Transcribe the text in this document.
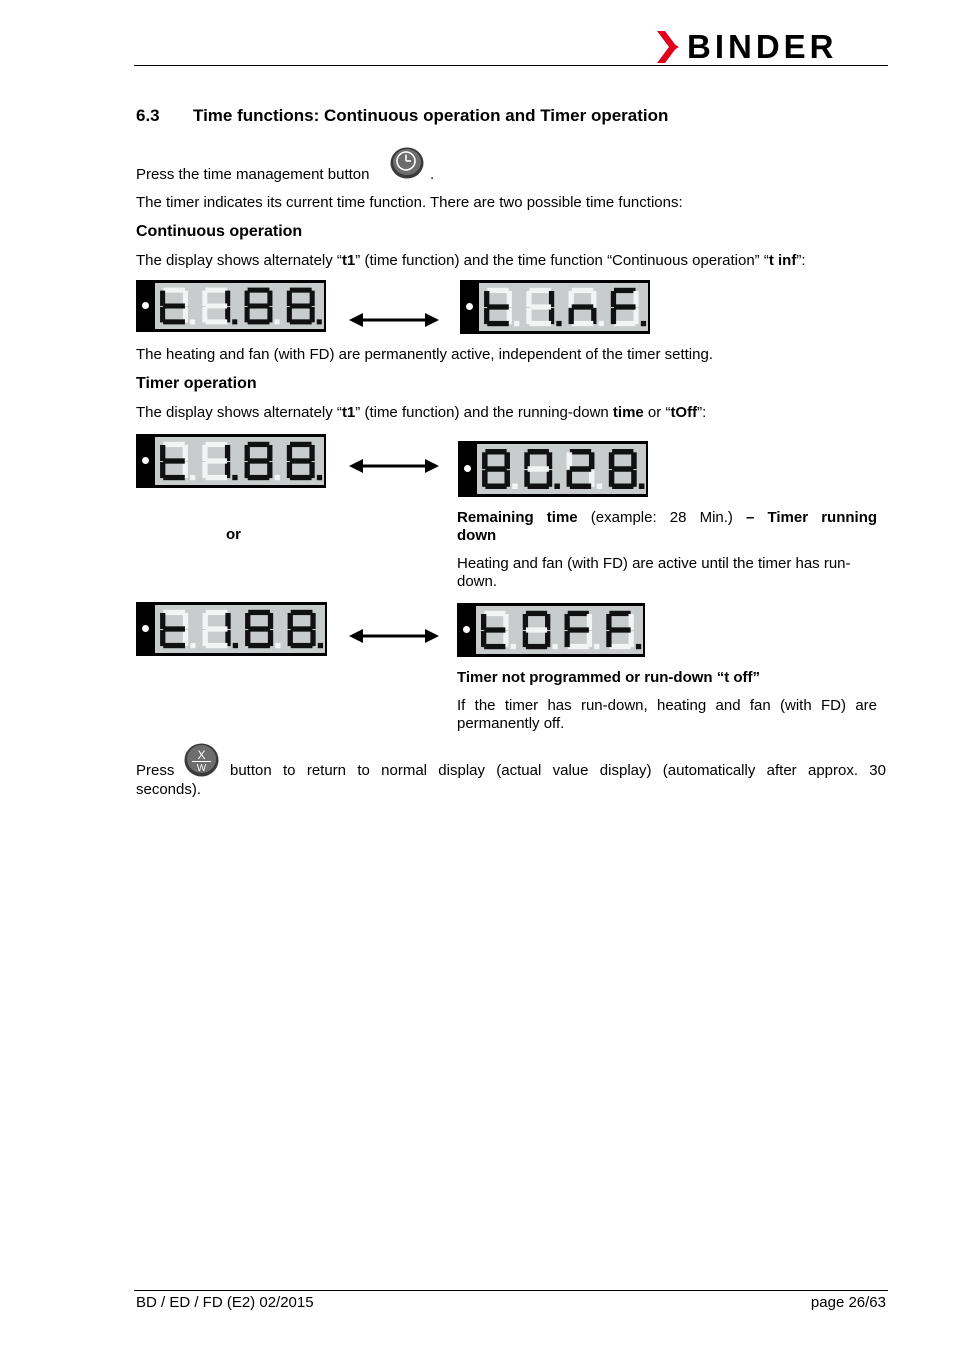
BINDER
6.3 Time functions: Continuous operation and Timer operation
Press the time management button	.
The timer indicates its current time function. There are two possible time functions:
Continuous operation
The display shows alternately “t1” (time function) and the time function “Continuous operation” “t inf”:
The heating and fan (with FD) are permanently active, independent of the timer setting.
Timer operation
The display shows alternately “t1” (time function) and the running-down time or “tOff”:
Remaining time (example: 28 Min.) – Timer running
down
or
Heating and fan (with FD) are active until the timer has run-down.
Timer not programmed or run-down “t off”
If the timer has run-down, heating and fan (with FD) are permanently off.
Press
X
W button to return to normal display (actual value display) (automatically after approx. 30
seconds).
BD / ED / FD (E2) 02/2015	page 26/63
